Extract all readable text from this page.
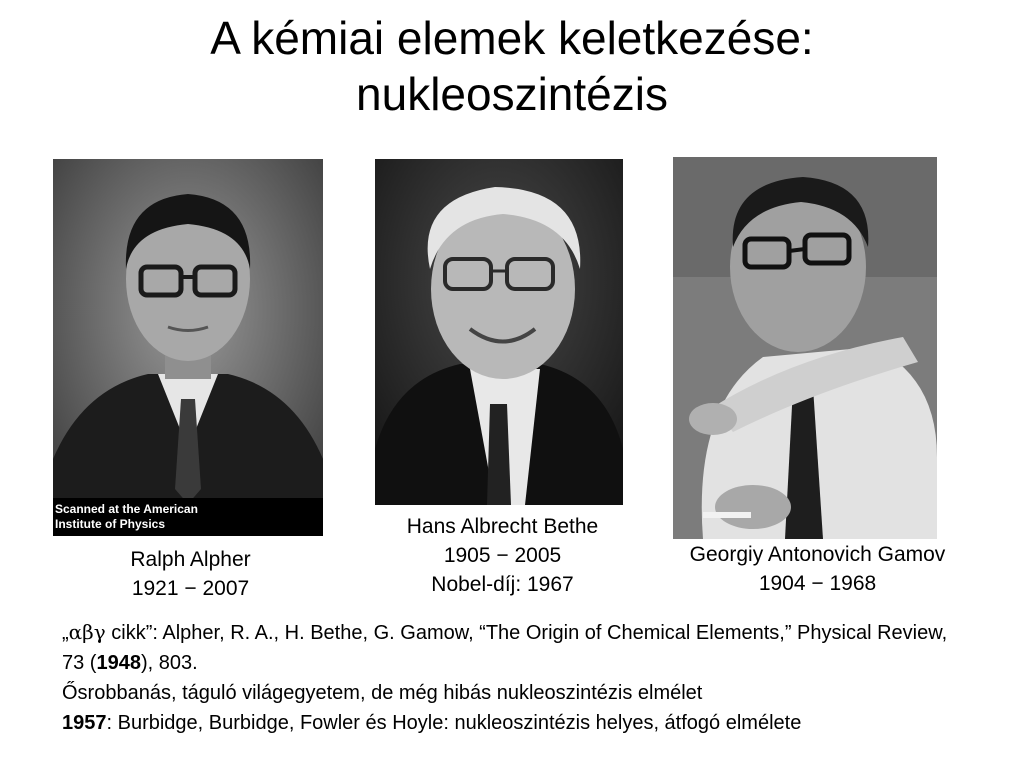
A kémiai elemek keletkezése:
nukleoszintézis
Scanned at the American
Institute of Physics
Ralph Alpher
1921 − 2007
Hans Albrecht Bethe
1905 − 2005
Nobel-díj: 1967
Georgiy Antonovich Gamov
1904 − 1968

„αβγ cikk”: Alpher, R. A., H. Bethe, G. Gamow, “The Origin of Chemical Elements,” Physical Review, 73 (1948), 803.

Ősrobbanás, táguló világegyetem, de még hibás nukleoszintézis elmélet

1957: Burbidge, Burbidge, Fowler és Hoyle: nukleoszintézis helyes, átfogó elmélete
